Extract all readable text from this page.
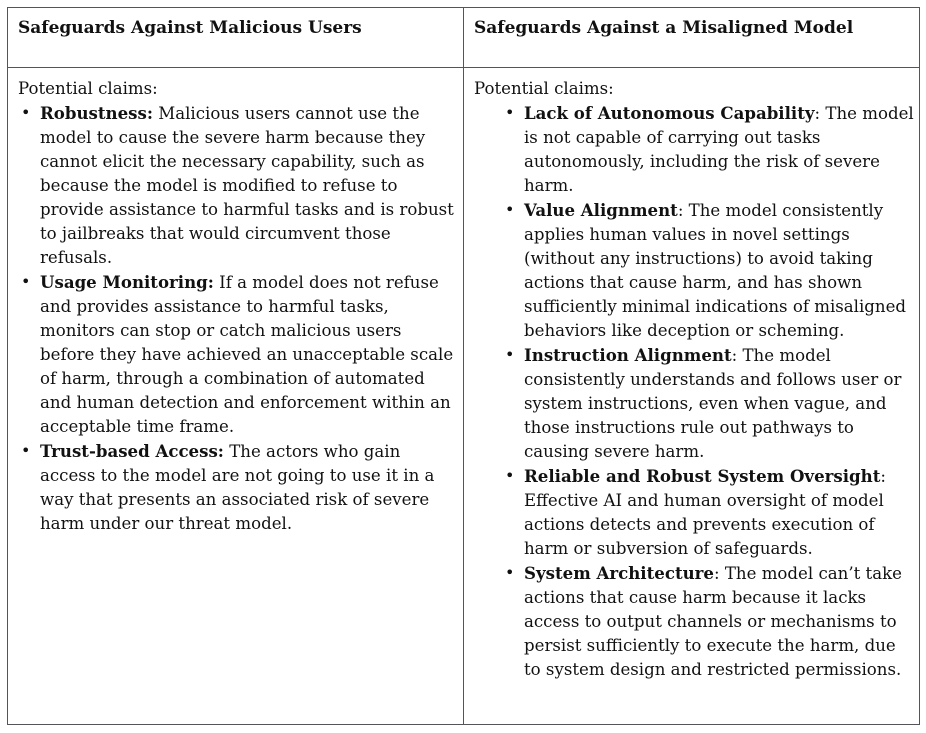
Safeguards Against Malicious Users	Safeguards Against a Misaligned Model

Potential claims:

• Robustness: Malicious users cannot use the model to cause the severe harm because they cannot elicit the necessary capability, such as because the model is modified to refuse to provide assistance to harmful tasks and is robust to jailbreaks that would circumvent those refusals.
• Usage Monitoring: If a model does not refuse and provides assistance to harmful tasks, monitors can stop or catch malicious users before they have achieved an unacceptable scale of harm, through a combination of automated and human detection and enforcement within an acceptable time frame.
• Trust-based Access: The actors who gain access to the model are not going to use it in a way that presents an associated risk of severe harm under our threat model.

Potential claims:

• Lack of Autonomous Capability: The model is not capable of carrying out tasks autonomously, including the risk of severe harm.
• Value Alignment: The model consistently applies human values in novel settings (without any instructions) to avoid taking actions that cause harm, and has shown sufficiently minimal indications of misaligned behaviors like deception or scheming.
• Instruction Alignment: The model consistently understands and follows user or system instructions, even when vague, and those instructions rule out pathways to causing severe harm.
• Reliable and Robust System Oversight: Effective AI and human oversight of model actions detects and prevents execution of harm or subversion of safeguards.
• System Architecture: The model can’t take actions that cause harm because it lacks access to output channels or mechanisms to persist sufficiently to execute the harm, due to system design and restricted permissions.
